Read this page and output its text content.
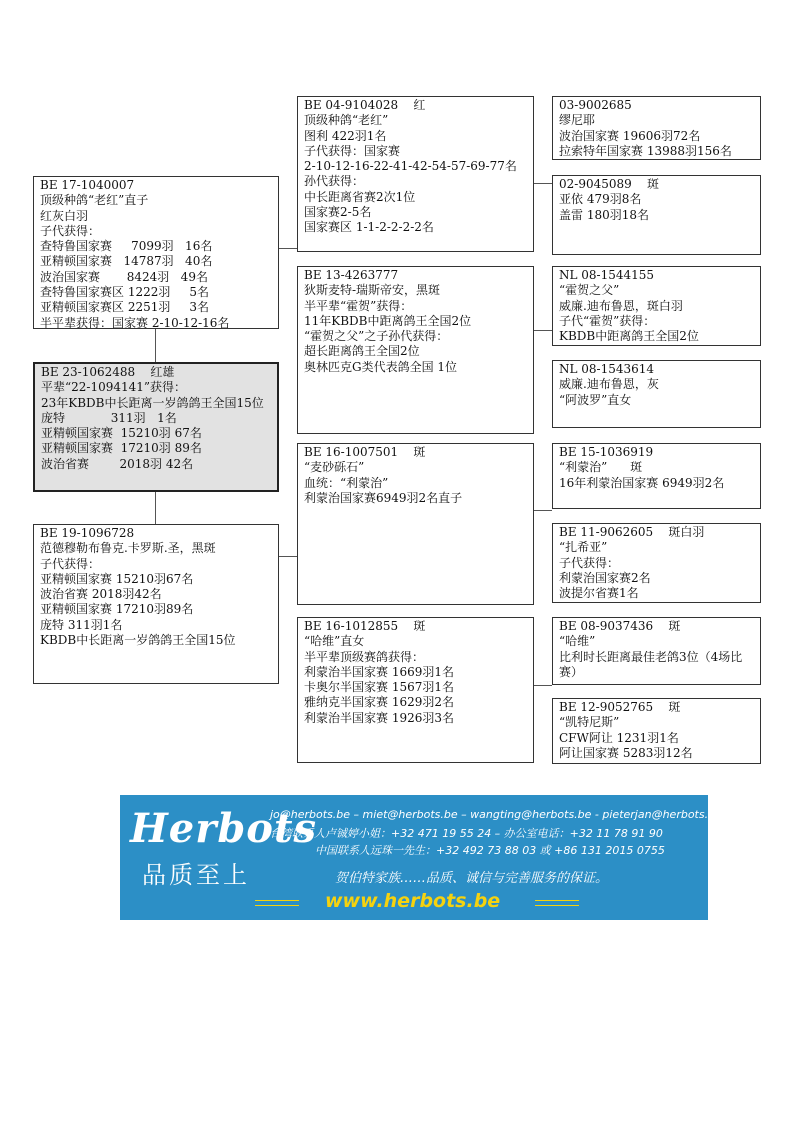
BE 17-1040007
顶级种鸽“老红”直子
红灰白羽
子代获得：
查特鲁国家赛     7099羽   16名
亚精顿国家赛   14787羽   40名
波治国家赛       8424羽   49名
查特鲁国家赛区 1222羽     5名
亚精顿国家赛区 2251羽     3名
半平辈获得：国家赛 2-10-12-16名
BE 23-1062488    红雄
平辈“22-1094141”获得：
23年KBDB中长距离一岁鸽鸽王全国15位
庞特            311羽   1名
亚精顿国家赛  15210羽 67名
亚精顿国家赛  17210羽 89名
波治省赛        2018羽 42名
BE 19-1096728
范德穆勒布鲁克.卡罗斯.圣，黑斑
子代获得：
亚精顿国家赛 15210羽67名
波治省赛 2018羽42名
亚精顿国家赛 17210羽89名
庞特 311羽1名
KBDB中长距离一岁鸽鸽王全国15位
BE 04-9104028    红
顶级种鸽“老红”
图利 422羽1名
子代获得：国家赛
2-10-12-16-22-41-42-54-57-69-77名
孙代获得：
中长距离省赛2次1位
国家赛2-5名
国家赛区 1-1-2-2-2-2名
BE 13-4263777
狄斯麦特-瑞斯帝安，黑斑
半平辈“霍贺”获得：
11年KBDB中距离鸽王全国2位
“霍贺之父”之子孙代获得：
超长距离鸽王全国2位
奥林匹克G类代表鸽全国 1位
BE 16-1007501    斑
“麦砂砾石”
血统：“利蒙治”
利蒙治国家赛6949羽2名直子
BE 16-1012855    斑
“哈维”直女
半平辈顶级赛鸽获得：
利蒙治半国家赛 1669羽1名
卡奥尔半国家赛 1567羽1名
雅纳克半国家赛 1629羽2名
利蒙治半国家赛 1926羽3名
03-9002685
缪尼耶
波治国家赛 19606羽72名
拉索特年国家赛 13988羽156名
02-9045089    斑
亚依 479羽8名
盖雷 180羽18名
NL 08-1544155
“霍贺之父”
威廉.迪布鲁恩，斑白羽
子代“霍贺”获得：
KBDB中距离鸽王全国2位
NL 08-1543614
威廉.迪布鲁恩，灰
“阿波罗”直女
BE 15-1036919
“利蒙治”      斑
16年利蒙治国家赛 6949羽2名
BE 11-9062605    斑白羽
“扎希亚”
子代获得：
利蒙治国家赛2名
波提尔省赛1名
BE 08-9037436    斑
“哈维”
比利时长距离最佳老鸽3位（4场比赛）
BE 12-9052765    斑
“凯特尼斯”
CFW阿让 1231羽1名
阿让国家赛 5283羽12名
Herbots
品质至上
jo@herbots.be – miet@herbots.be – wangting@herbots.be - pieterjan@herbots.be
台湾联系人卢铖婷小姐：+32 471 19 55 24 – 办公室电话：+32 11 78 91 90
中国联系人远珠一先生：+32 492 73 88 03 或 +86 131 2015 0755
贺伯特家族……品质、诚信与完善服务的保证。
www.herbots.be
